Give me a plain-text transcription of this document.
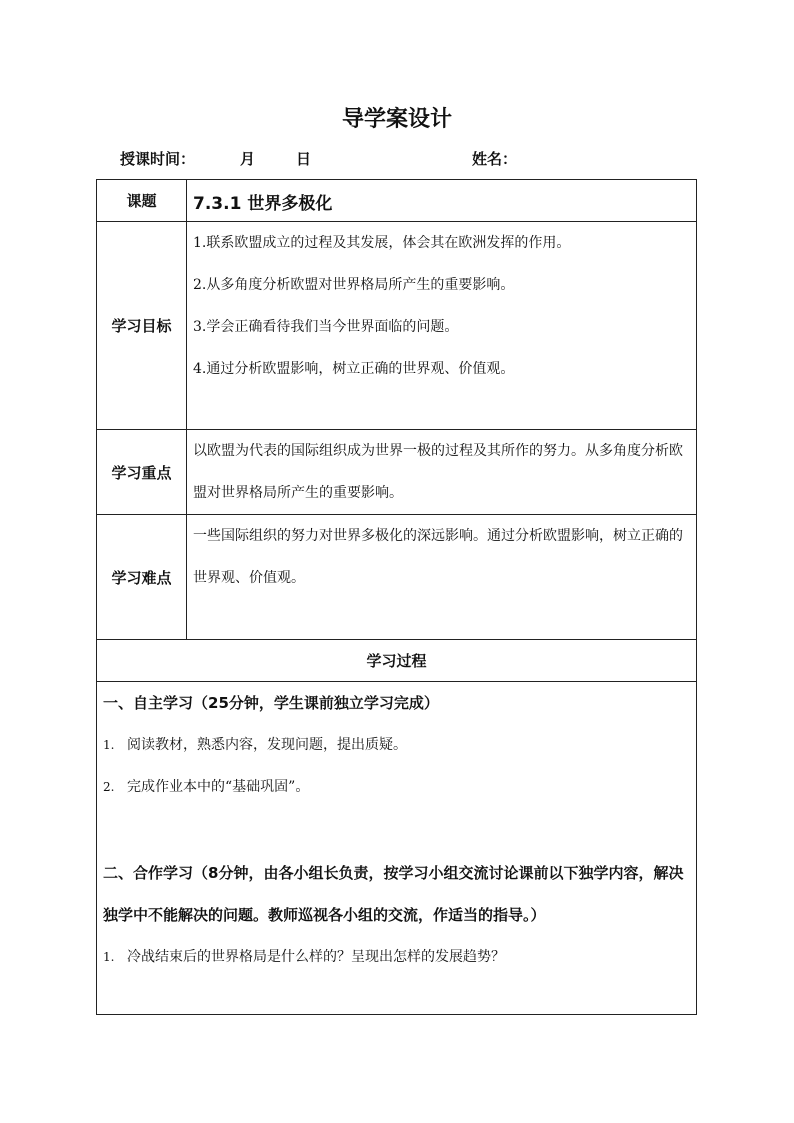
导学案设计
授课时间：	月	日	姓名：
课题	7.3.1 世界多极化

学习目标	1.联系欧盟成立的过程及其发展，体会其在欧洲发挥的作用。
2.从多角度分析欧盟对世界格局所产生的重要影响。
3.学会正确看待我们当今世界面临的问题。
4.通过分析欧盟影响，树立正确的世界观、价值观。

学习重点	以欧盟为代表的国际组织成为世界一极的过程及其所作的努力。从多角度分析欧盟对世界格局所产生的重要影响。

学习难点	一些国际组织的努力对世界多极化的深远影响。通过分析欧盟影响，树立正确的世界观、价值观。

学习过程	

一、自主学习（25分钟，学生课前独立学习完成）
1. 阅读教材，熟悉内容，发现问题，提出质疑。
2. 完成作业本中的“基础巩固”。
二、合作学习（8分钟，由各小组长负责，按学习小组交流讨论课前以下独学内容，解决独学中不能解决的问题。教师巡视各小组的交流，作适当的指导。）
1. 冷战结束后的世界格局是什么样的？呈现出怎样的发展趋势？	
